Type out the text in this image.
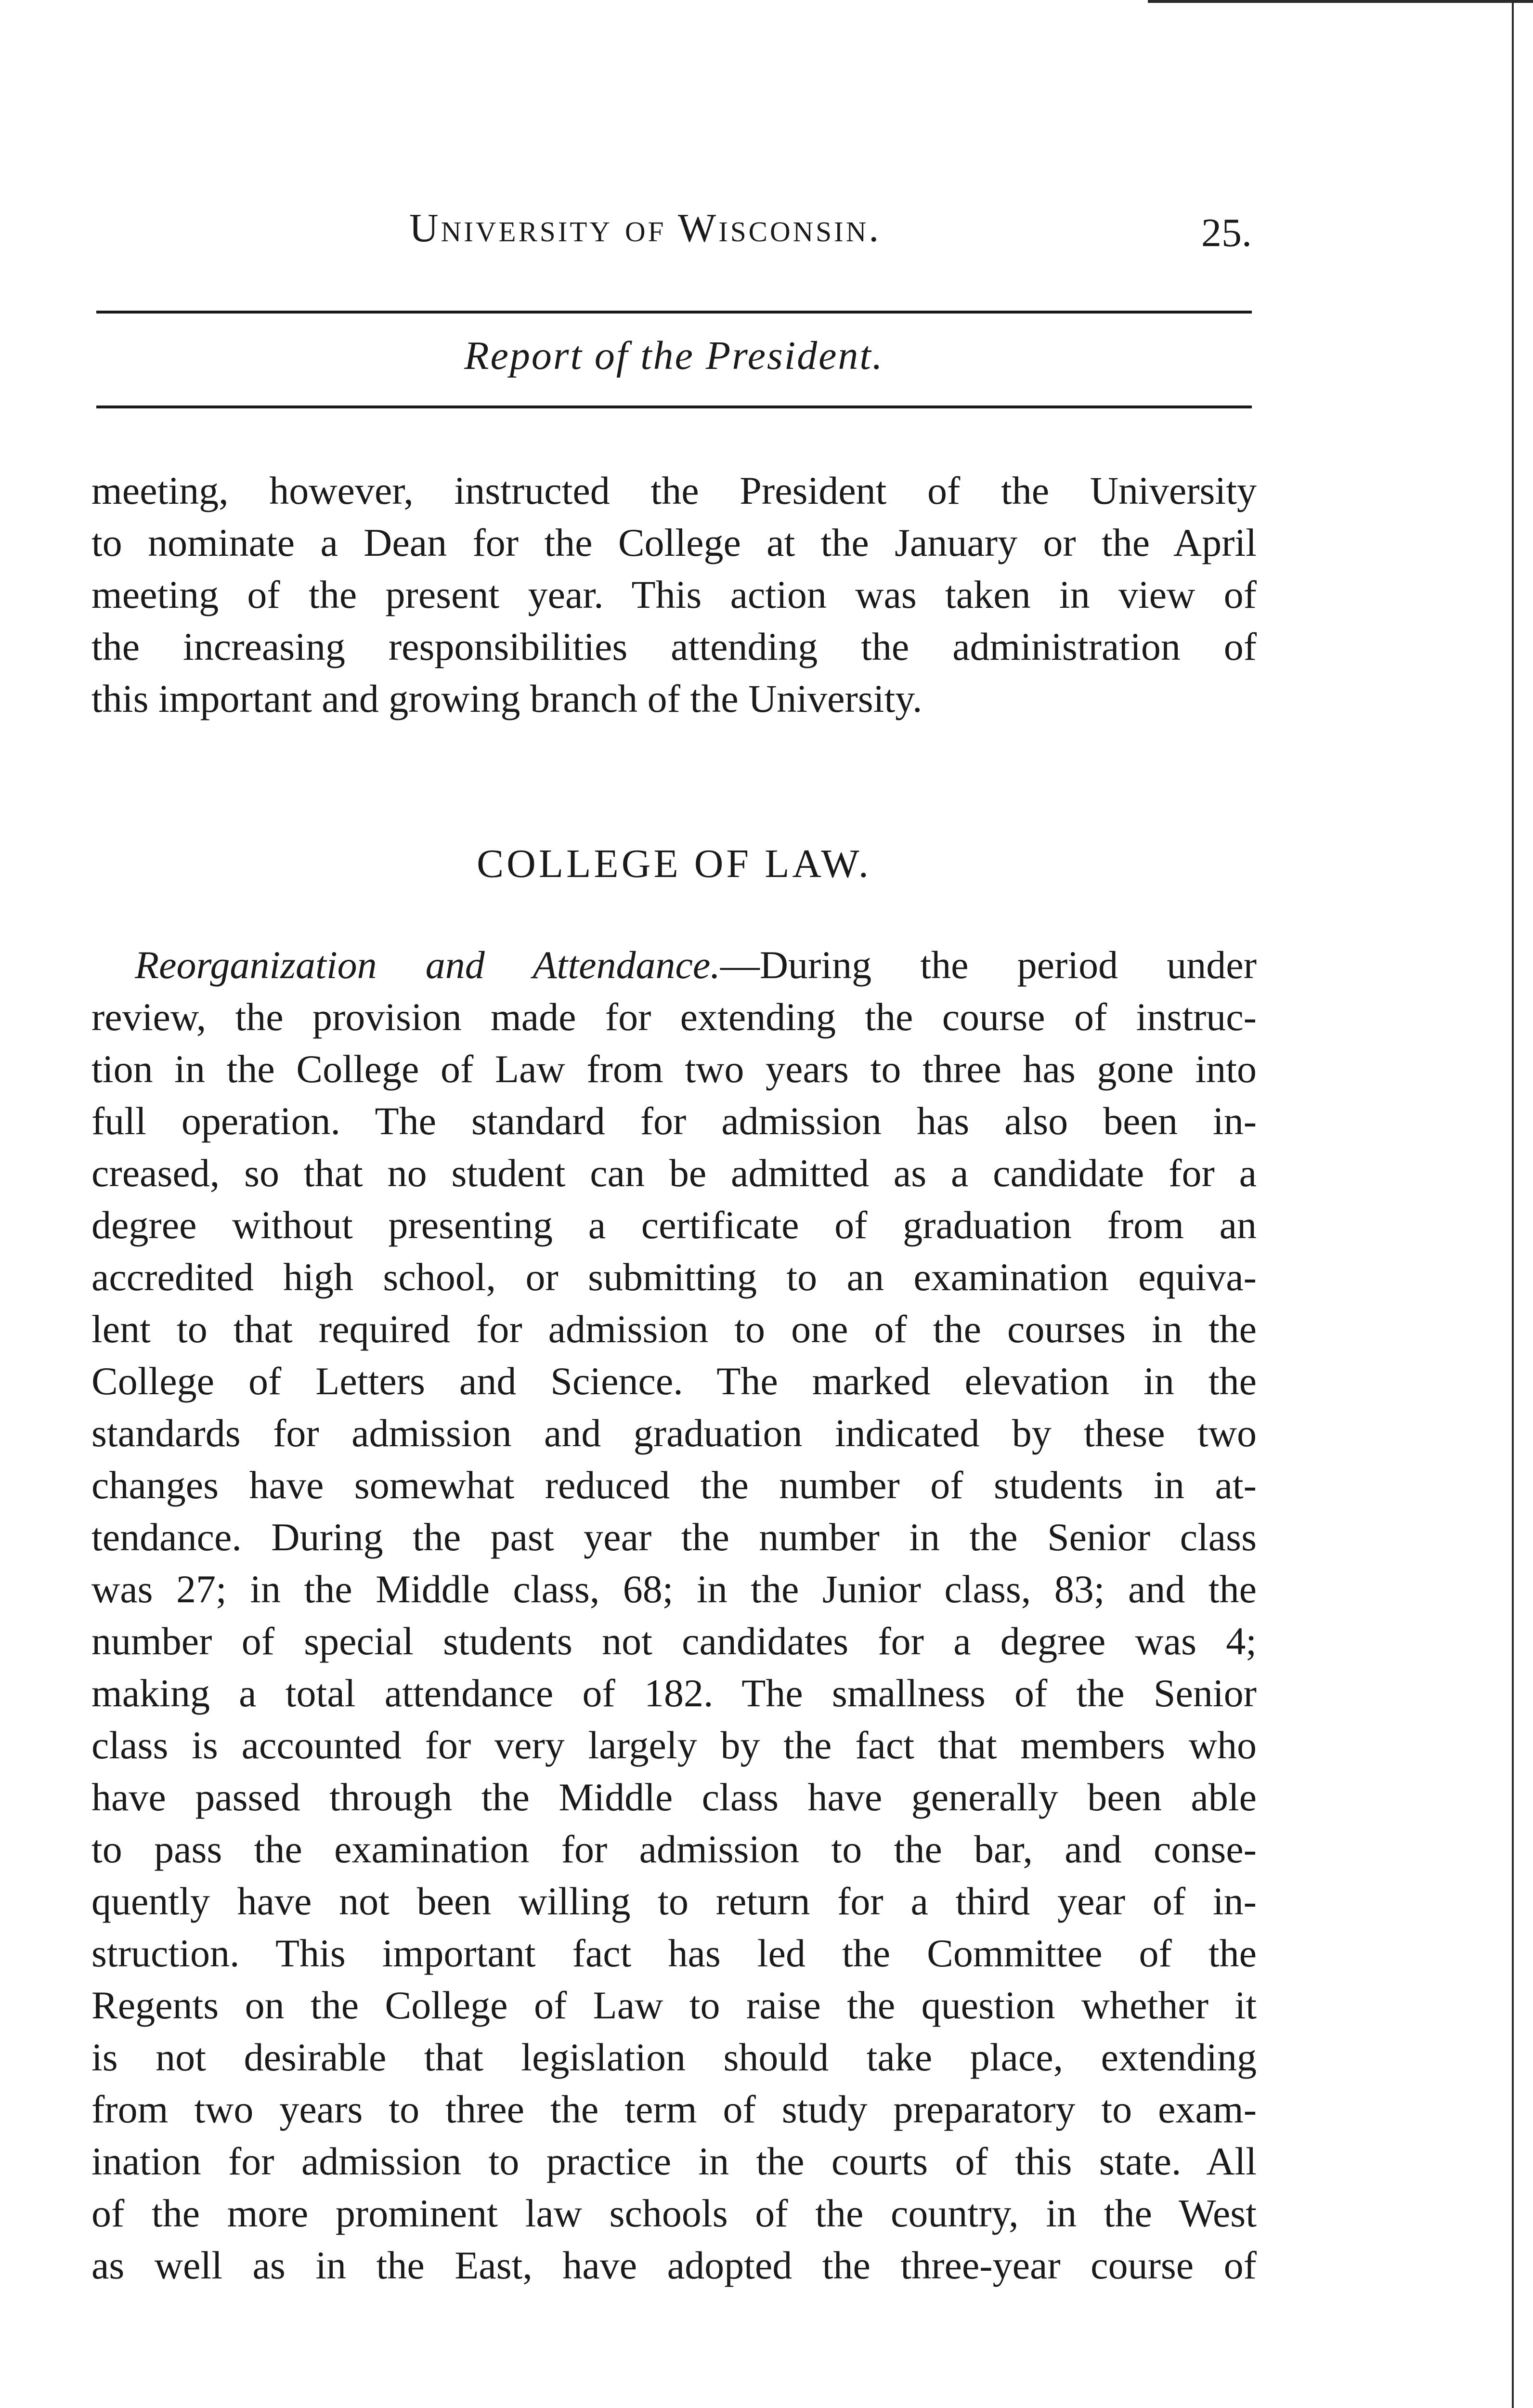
University of Wisconsin.	25.
Report of the President.
meeting, however, instructed the President of the University
to nominate a Dean for the College at the January or the April
meeting of the present year. This action was taken in view of
the increasing responsibilities attending the administration of
this important and growing branch of the University.
COLLEGE OF LAW.
Reorganization and Attendance.—During the period under
review, the provision made for extending the course of instruc-
tion in the College of Law from two years to three has gone into
full operation. The standard for admission has also been in-
creased, so that no student can be admitted as a candidate for a
degree without presenting a certificate of graduation from an
accredited high school, or submitting to an examination equiva-
lent to that required for admission to one of the courses in the
College of Letters and Science. The marked elevation in the
standards for admission and graduation indicated by these two
changes have somewhat reduced the number of students in at-
tendance. During the past year the number in the Senior class
was 27; in the Middle class, 68; in the Junior class, 83; and the
number of special students not candidates for a degree was 4;
making a total attendance of 182. The smallness of the Senior
class is accounted for very largely by the fact that members who
have passed through the Middle class have generally been able
to pass the examination for admission to the bar, and conse-
quently have not been willing to return for a third year of in-
struction. This important fact has led the Committee of the
Regents on the College of Law to raise the question whether it
is not desirable that legislation should take place, extending
from two years to three the term of study preparatory to exam-
ination for admission to practice in the courts of this state. All
of the more prominent law schools of the country, in the West
as well as in the East, have adopted the three-year course of
